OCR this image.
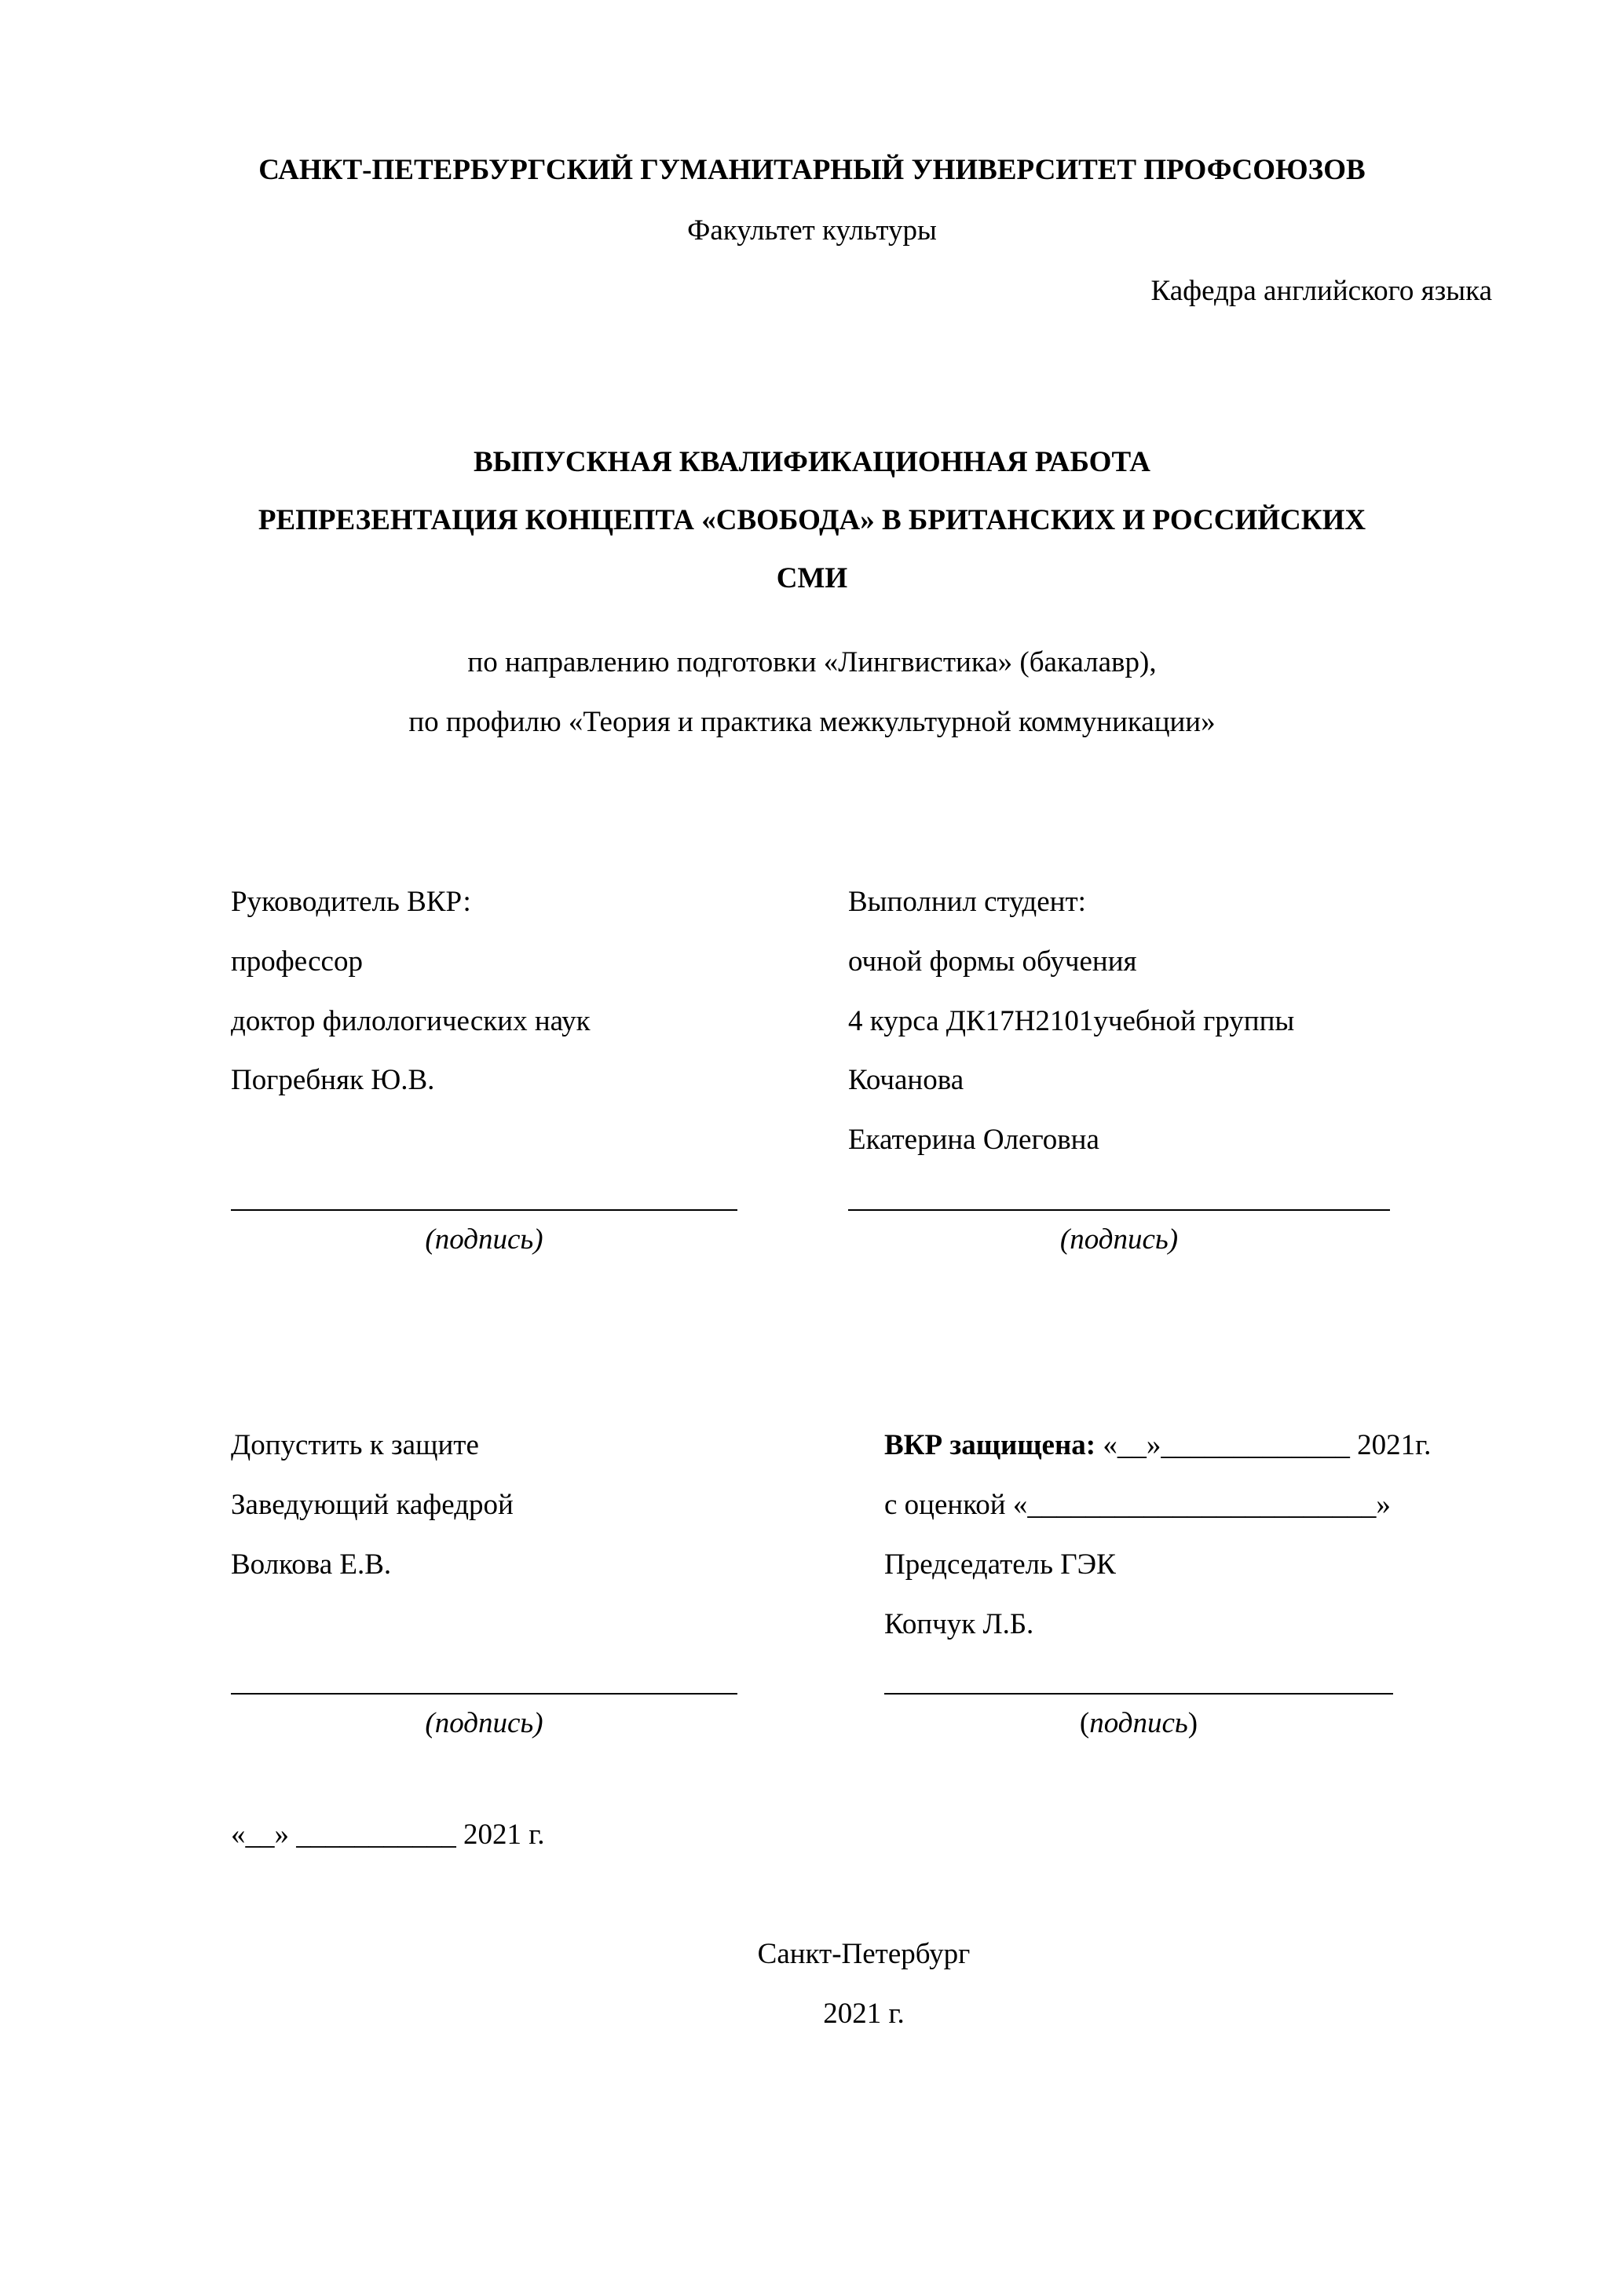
САНКТ-ПЕТЕРБУРГСКИЙ ГУМАНИТАРНЫЙ УНИВЕРСИТЕТ ПРОФСОЮЗОВ
Факультет культуры
Кафедра английского языка
ВЫПУСКНАЯ КВАЛИФИКАЦИОННАЯ РАБОТА
РЕПРЕЗЕНТАЦИЯ КОНЦЕПТА «СВОБОДА» В БРИТАНСКИХ И РОССИЙСКИХ
СМИ
по направлению подготовки «Лингвистика» (бакалавр),
по профилю «Теория и практика межкультурной коммуникации»
Руководитель ВКР:
профессор
доктор филологических наук
Погребняк Ю.В.
(подпись)
Выполнил студент:
очной формы обучения
4 курса ДК17Н2101учебной группы
Кочанова
Екатерина Олеговна
(подпись)
Допустить к защите
Заведующий кафедрой
Волкова Е.В.
(подпись)
ВКР защищена: «__»_____________ 2021г.
с оценкой «________________________»
Председатель ГЭК
Копчук Л.Б.
(подпись)
«__» ___________ 2021 г.
Санкт-Петербург
2021 г.
